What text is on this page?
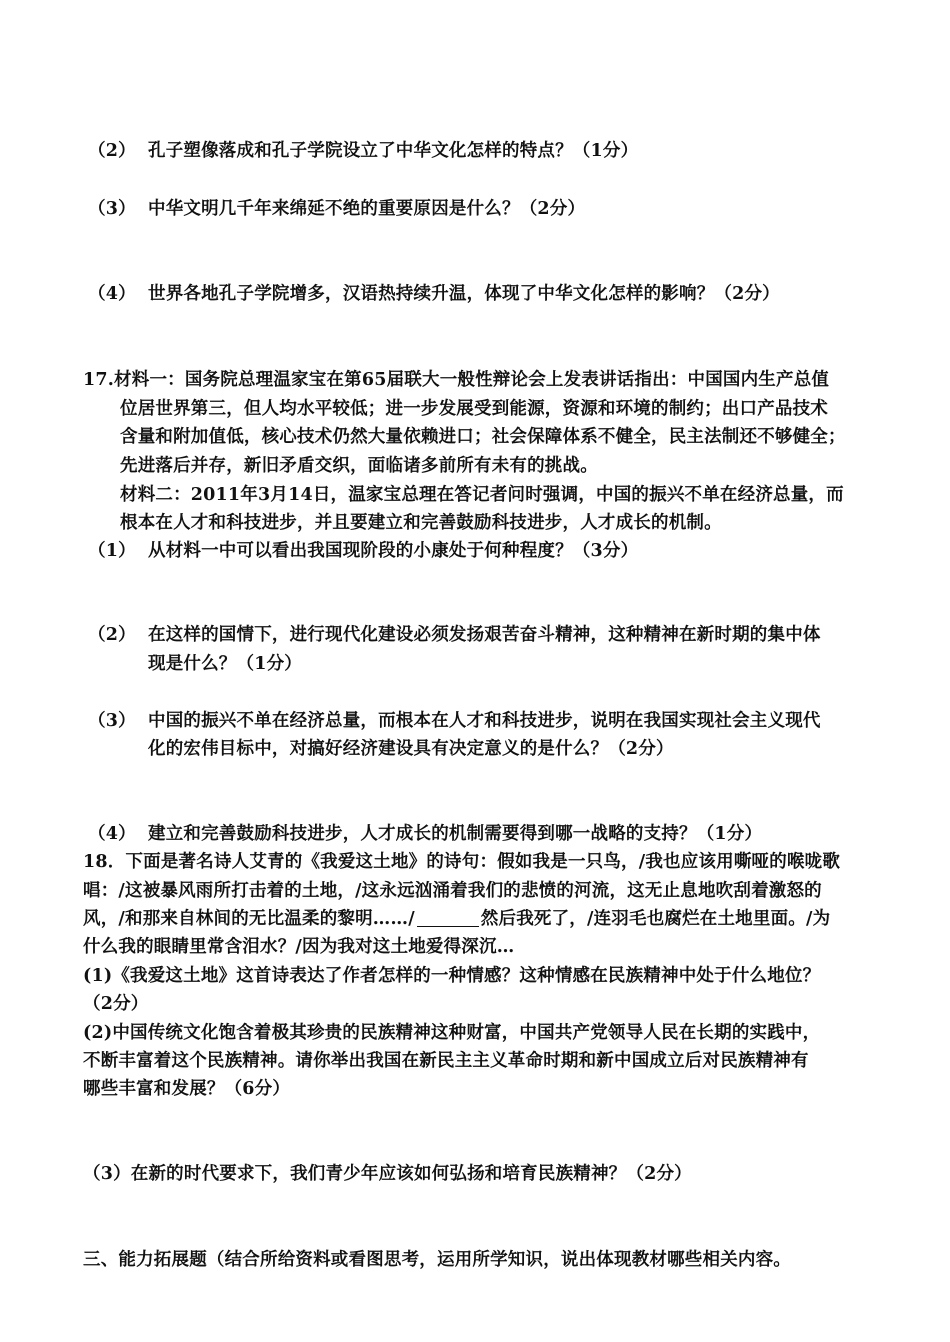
（2） 孔子塑像落成和孔子学院设立了中华文化怎样的特点？（1分）
（3） 中华文明几千年来绵延不绝的重要原因是什么？（2分）
（4） 世界各地孔子学院增多，汉语热持续升温，体现了中华文化怎样的影响？（2分）
17.材料一：国务院总理温家宝在第65届联大一般性辩论会上发表讲话指出：中国国内生产总值
位居世界第三，但人均水平较低；进一步发展受到能源，资源和环境的制约；出口产品技术
含量和附加值低，核心技术仍然大量依赖进口；社会保障体系不健全，民主法制还不够健全；
先进落后并存，新旧矛盾交织，面临诸多前所有未有的挑战。
材料二：2011年3月14日，温家宝总理在答记者问时强调，中国的振兴不单在经济总量，而
根本在人才和科技进步，并且要建立和完善鼓励科技进步，人才成长的机制。
（1） 从材料一中可以看出我国现阶段的小康处于何种程度？（3分）
（2） 在这样的国情下，进行现代化建设必须发扬艰苦奋斗精神，这种精神在新时期的集中体
现是什么？（1分）
（3） 中国的振兴不单在经济总量，而根本在人才和科技进步，说明在我国实现社会主义现代
化的宏伟目标中，对搞好经济建设具有决定意义的是什么？（2分）
（4） 建立和完善鼓励科技进步，人才成长的机制需要得到哪一战略的支持？（1分）
18．下面是著名诗人艾青的《我爱这土地》的诗句：假如我是一只鸟，/我也应该用嘶哑的喉咙歌
唱：/这被暴风雨所打击着的土地，/这永远汹涌着我们的悲愤的河流，这无止息地吹刮着激怒的
风，/和那来自林间的无比温柔的黎明……/	然后我死了，/连羽毛也腐烂在土地里面。/为
什么我的眼睛里常含泪水？/因为我对这土地爱得深沉…
(1)《我爱这土地》这首诗表达了作者怎样的一种情感？这种情感在民族精神中处于什么地位？
（2分）
(2)中国传统文化饱含着极其珍贵的民族精神这种财富，中国共产党领导人民在长期的实践中，
不断丰富着这个民族精神。请你举出我国在新民主主义革命时期和新中国成立后对民族精神有
哪些丰富和发展？（6分）
（3）在新的时代要求下，我们青少年应该如何弘扬和培育民族精神？（2分）
三、能力拓展题（结合所给资料或看图思考，运用所学知识，说出体现教材哪些相关内容。
